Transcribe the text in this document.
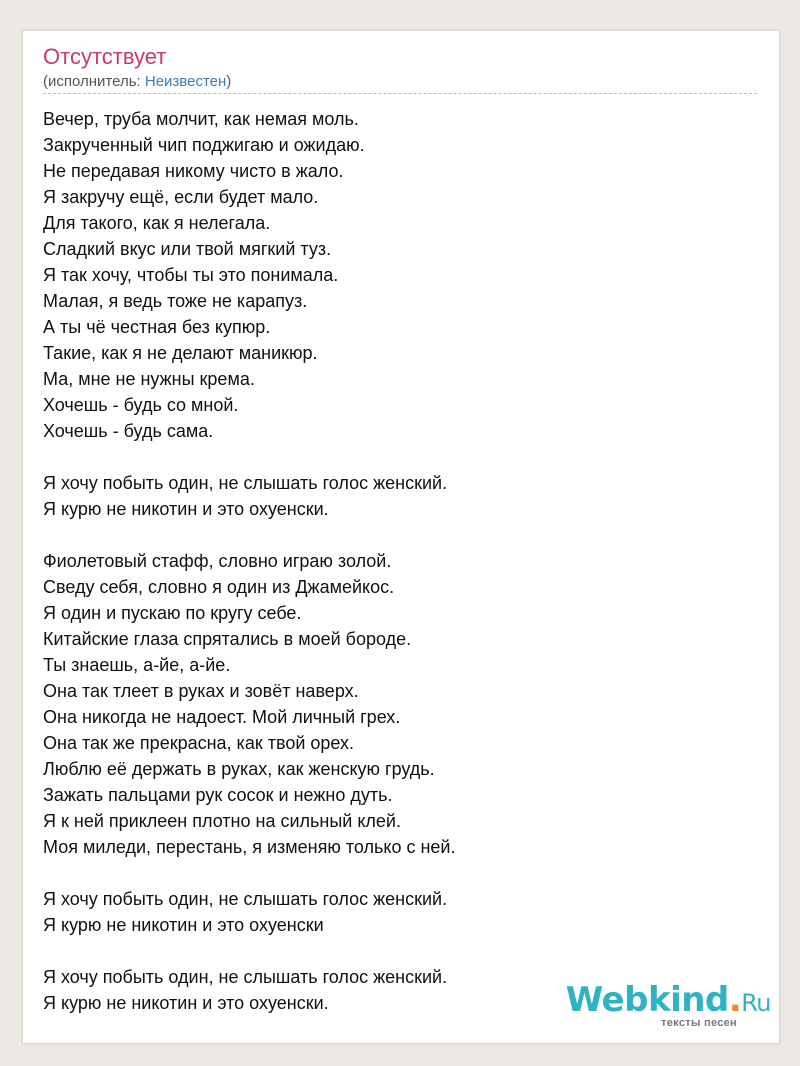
Отсутствует
(исполнитель: Неизвестен)
Вечер, труба молчит, как немая моль.
Закрученный чип поджигаю и ожидаю.
Не передавая никому чисто в жало.
Я закручу ещё, если будет мало.
Для такого, как я нелегала.
Сладкий вкус или твой мягкий туз.
Я так хочу, чтобы ты это понимала.
Малая, я ведь тоже не карапуз.
А ты чё честная без купюр.
Такие, как я не делают маникюр.
Ма, мне не нужны крема.
Хочешь - будь со мной.
Хочешь - будь сама.
Я хочу побыть один, не слышать голос женский.
Я курю не никотин и это охуенски.
Фиолетовый стафф, словно играю золой.
Сведу себя, словно я один из Джамейкос.
Я один и пускаю по кругу себе.
Китайские глаза спрятались в моей бороде.
Ты знаешь, а-йе, а-йе.
Она так тлеет в руках и зовёт наверх.
Она никогда не надоест. Мой личный грех.
Она так же прекрасна, как твой орех.
Люблю её держать в руках, как женскую грудь.
Зажать пальцами рук сосок и нежно дуть.
Я к ней приклеен плотно на сильный клей.
Моя миледи, перестань, я изменяю только с ней.
Я хочу побыть один, не слышать голос женский.
Я курю не никотин и это охуенски
Я хочу побыть один, не слышать голос женский.
Я курю не никотин и это охуенски.	Webkind.Ru
тексты песен
